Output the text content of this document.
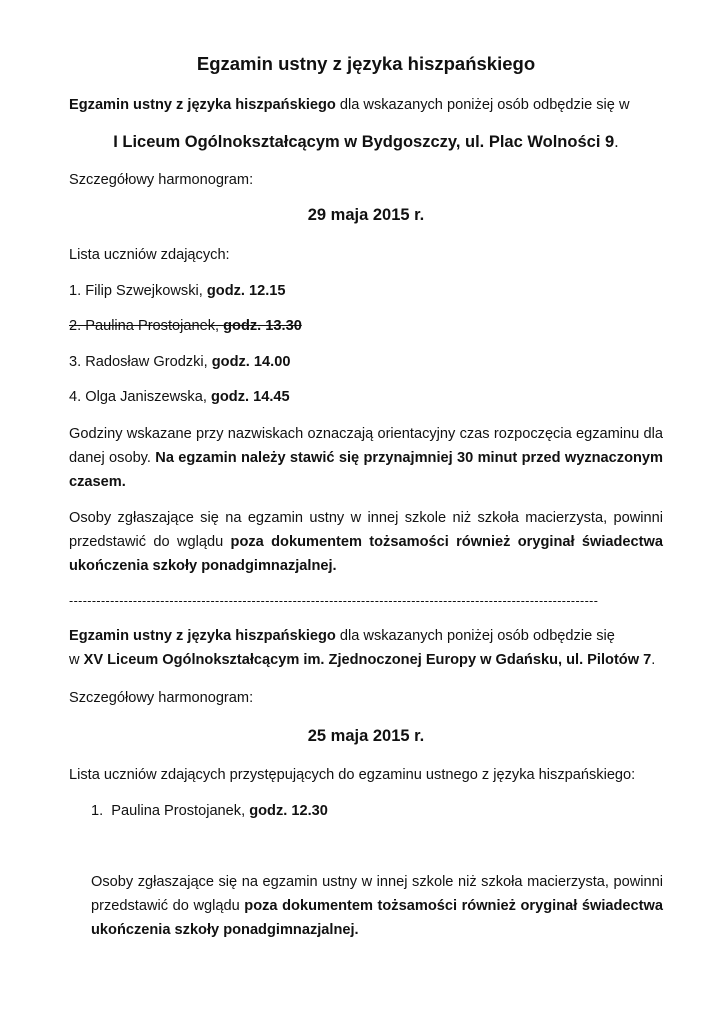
Egzamin ustny z języka hiszpańskiego

Egzamin ustny z języka hiszpańskiego dla wskazanych poniżej osób odbędzie się w

I Liceum Ogólnokształcącym w Bydgoszczy, ul. Plac Wolności 9.

Szczegółowy harmonogram:

29 maja 2015 r.

Lista uczniów zdających:

1. Filip Szwejkowski, godz. 12.15

2. Paulina Prostojanek, godz. 13.30

3. Radosław Grodzki, godz. 14.00

4. Olga Janiszewska, godz. 14.45

Godziny wskazane przy nazwiskach oznaczają orientacyjny czas rozpoczęcia egzaminu dla danej osoby. Na egzamin należy stawić się przynajmniej 30 minut przed wyznaczonym czasem.

Osoby zgłaszające się na egzamin ustny w innej szkole niż szkoła macierzysta, powinni przedstawić do wglądu poza dokumentem tożsamości również oryginał świadectwa ukończenia szkoły ponadgimnazjalnej.

--------------------------------------------------------------------------------------------------------------------

Egzamin ustny z języka hiszpańskiego dla wskazanych poniżej osób odbędzie się
w XV Liceum Ogólnokształcącym im. Zjednoczonej Europy w Gdańsku, ul. Pilotów 7.

Szczegółowy harmonogram:

25 maja 2015 r.

Lista uczniów zdających przystępujących do egzaminu ustnego z języka hiszpańskiego:

1. Paulina Prostojanek, godz. 12.30

Osoby zgłaszające się na egzamin ustny w innej szkole niż szkoła macierzysta, powinni przedstawić do wglądu poza dokumentem tożsamości również oryginał świadectwa ukończenia szkoły ponadgimnazjalnej.
